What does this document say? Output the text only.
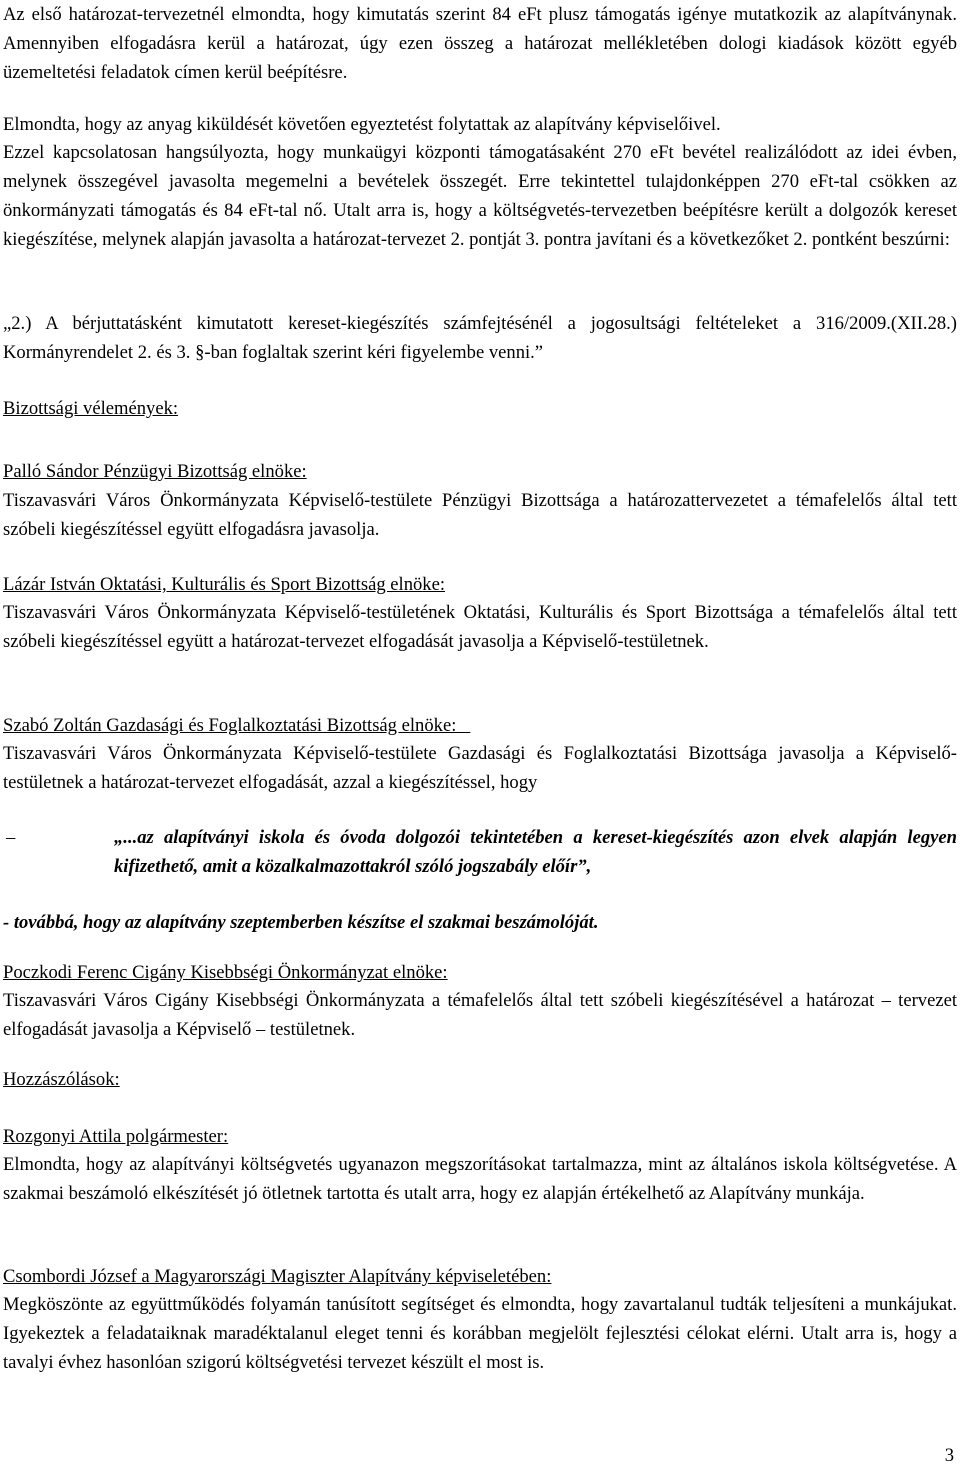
Az első határozat-tervezetnél elmondta, hogy kimutatás szerint 84 eFt plusz támogatás igénye mutatkozik az alapítványnak. Amennyiben elfogadásra kerül a határozat, úgy ezen összeg a határozat mellékletében dologi kiadások között egyéb üzemeltetési feladatok címen kerül beépítésre.

Elmondta, hogy az anyag kiküldését követően egyeztetést folytattak az alapítvány képviselőivel.

Ezzel kapcsolatosan hangsúlyozta, hogy munkaügyi központi támogatásaként 270 eFt bevétel realizálódott az idei évben, melynek összegével javasolta megemelni a bevételek összegét. Erre tekintettel tulajdonképpen 270 eFt-tal csökken az önkormányzati támogatás és 84 eFt-tal nő. Utalt arra is, hogy a költségvetés-tervezetben beépítésre került a dolgozók kereset kiegészítése, melynek alapján javasolta a határozat-tervezet 2. pontját 3. pontra javítani és a következőket 2. pontként beszúrni:

„2.) A bérjuttatásként kimutatott kereset-kiegészítés számfejtésénél a jogosultsági feltételeket a 316/2009.(XII.28.) Kormányrendelet 2. és 3. §-ban foglaltak szerint kéri figyelembe venni.”

Bizottsági vélemények:

Palló Sándor Pénzügyi Bizottság elnöke:

Tiszavasvári Város Önkormányzata Képviselő-testülete Pénzügyi Bizottsága a határozattervezetet a témafelelős által tett szóbeli kiegészítéssel együtt elfogadásra javasolja.

Lázár István Oktatási, Kulturális és Sport Bizottság elnöke:

Tiszavasvári Város Önkormányzata Képviselő-testületének Oktatási, Kulturális és Sport Bizottsága a témafelelős által tett szóbeli kiegészítéssel együtt a határozat-tervezet elfogadását javasolja a Képviselő-testületnek.

Szabó Zoltán Gazdasági és Foglalkoztatási Bizottság elnöke:

Tiszavasvári Város Önkormányzata Képviselő-testülete Gazdasági és Foglalkoztatási Bizottsága javasolja a Képviselő-testületnek a határozat-tervezet elfogadását, azzal a kiegészítéssel, hogy

–	„...az alapítványi iskola és óvoda dolgozói tekintetében a kereset-kiegészítés azon elvek alapján legyen kifizethető, amit a közalkalmazottakról szóló jogszabály előír”,

- továbbá, hogy az alapítvány szeptemberben készítse el szakmai beszámolóját.

Poczkodi Ferenc Cigány Kisebbségi Önkormányzat elnöke:

Tiszavasvári Város Cigány Kisebbségi Önkormányzata a témafelelős által tett szóbeli kiegészítésével a határozat – tervezet elfogadását javasolja a Képviselő – testületnek.

Hozzászólások:

Rozgonyi Attila polgármester:

Elmondta, hogy az alapítványi költségvetés ugyanazon megszorításokat tartalmazza, mint az általános iskola költségvetése. A szakmai beszámoló elkészítését jó ötletnek tartotta és utalt arra, hogy ez alapján értékelhető az Alapítvány munkája.

Csombordi József a Magyarországi Magiszter Alapítvány képviseletében:

Megköszönte az együttműködés folyamán tanúsított segítséget és elmondta, hogy zavartalanul tudták teljesíteni a munkájukat. Igyekeztek a feladataiknak maradéktalanul eleget tenni és korábban megjelölt fejlesztési célokat elérni. Utalt arra is, hogy a tavalyi évhez hasonlóan szigorú költségvetési tervezet készült el most is.

3
